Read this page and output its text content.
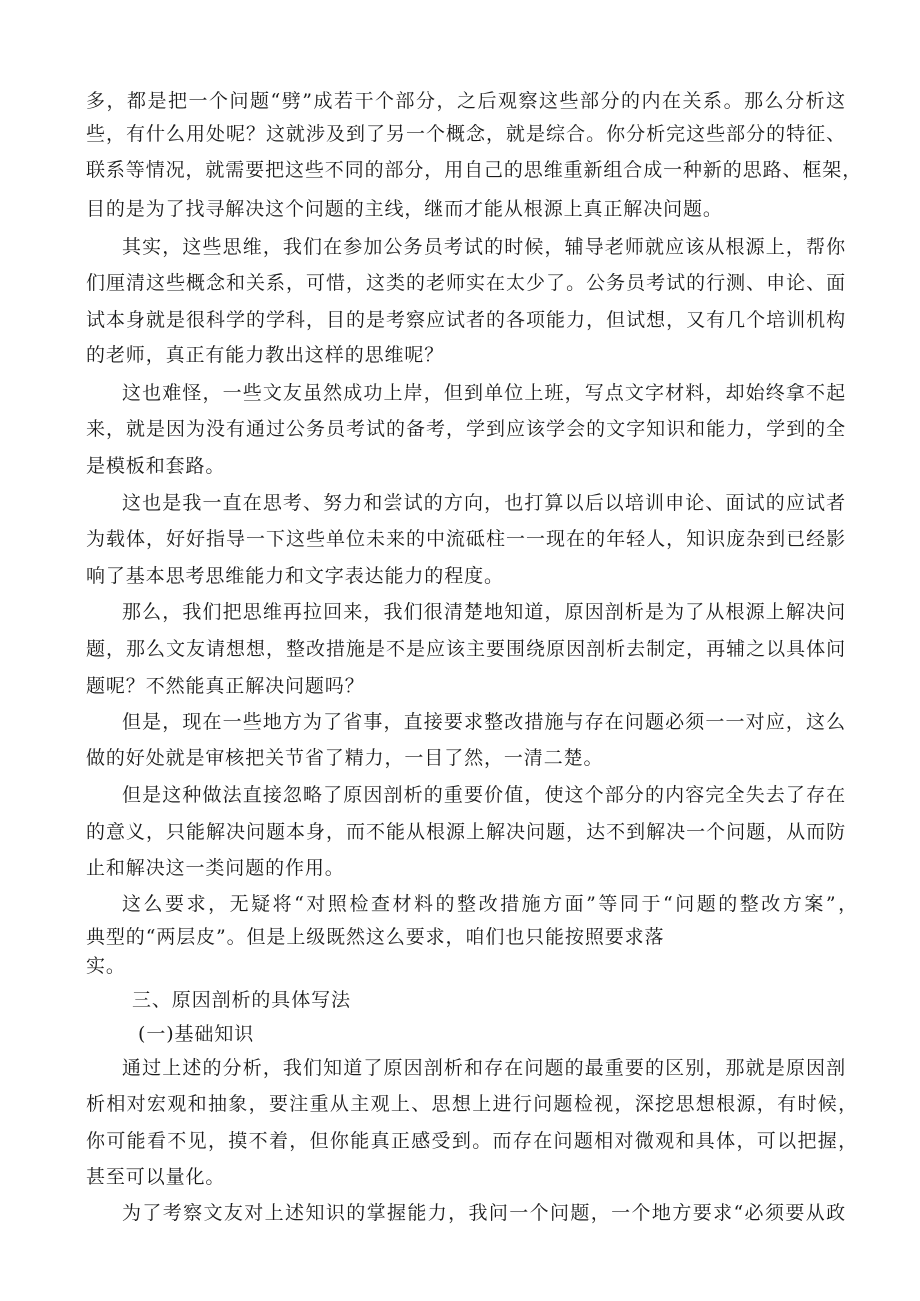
多，都是把一个问题“劈”成若干个部分，之后观察这些部分的内在关系。那么分析这
些，有什么用处呢？这就涉及到了另一个概念，就是综合。你分析完这些部分的特征、
联系等情况，就需要把这些不同的部分，用自己的思维重新组合成一种新的思路、框架，
目的是为了找寻解决这个问题的主线，继而才能从根源上真正解决问题。
其实，这些思维，我们在参加公务员考试的时候，辅导老师就应该从根源上，帮你
们厘清这些概念和关系，可惜，这类的老师实在太少了。公务员考试的行测、申论、面
试本身就是很科学的学科，目的是考察应试者的各项能力，但试想，又有几个培训机构
的老师，真正有能力教出这样的思维呢？
这也难怪，一些文友虽然成功上岸，但到单位上班，写点文字材料，却始终拿不起
来，就是因为没有通过公务员考试的备考，学到应该学会的文字知识和能力，学到的全
是模板和套路。
这也是我一直在思考、努力和尝试的方向，也打算以后以培训申论、面试的应试者
为载体，好好指导一下这些单位未来的中流砥柱一一现在的年轻人，知识庞杂到已经影
响了基本思考思维能力和文字表达能力的程度。
那么，我们把思维再拉回来，我们很清楚地知道，原因剖析是为了从根源上解决问
题，那么文友请想想，整改措施是不是应该主要围绕原因剖析去制定，再辅之以具体问
题呢？不然能真正解决问题吗？
但是，现在一些地方为了省事，直接要求整改措施与存在问题必须一一对应，这么
做的好处就是审核把关节省了精力，一目了然，一清二楚。
但是这种做法直接忽略了原因剖析的重要价值，使这个部分的内容完全失去了存在
的意义，只能解决问题本身，而不能从根源上解决问题，达不到解决一个问题，从而防
止和解决这一类问题的作用。
这么要求，无疑将“对照检查材料的整改措施方面”等同于“问题的整改方案”，
典型的“两层皮”。但是上级既然这么要求，咱们也只能按照要求落
实。
三、原因剖析的具体写法
(一)基础知识
通过上述的分析，我们知道了原因剖析和存在问题的最重要的区别，那就是原因剖
析相对宏观和抽象，要注重从主观上、思想上进行问题检视，深挖思想根源，有时候，
你可能看不见，摸不着，但你能真正感受到。而存在问题相对微观和具体，可以把握，
甚至可以量化。
为了考察文友对上述知识的掌握能力，我问一个问题，一个地方要求“必须要从政
